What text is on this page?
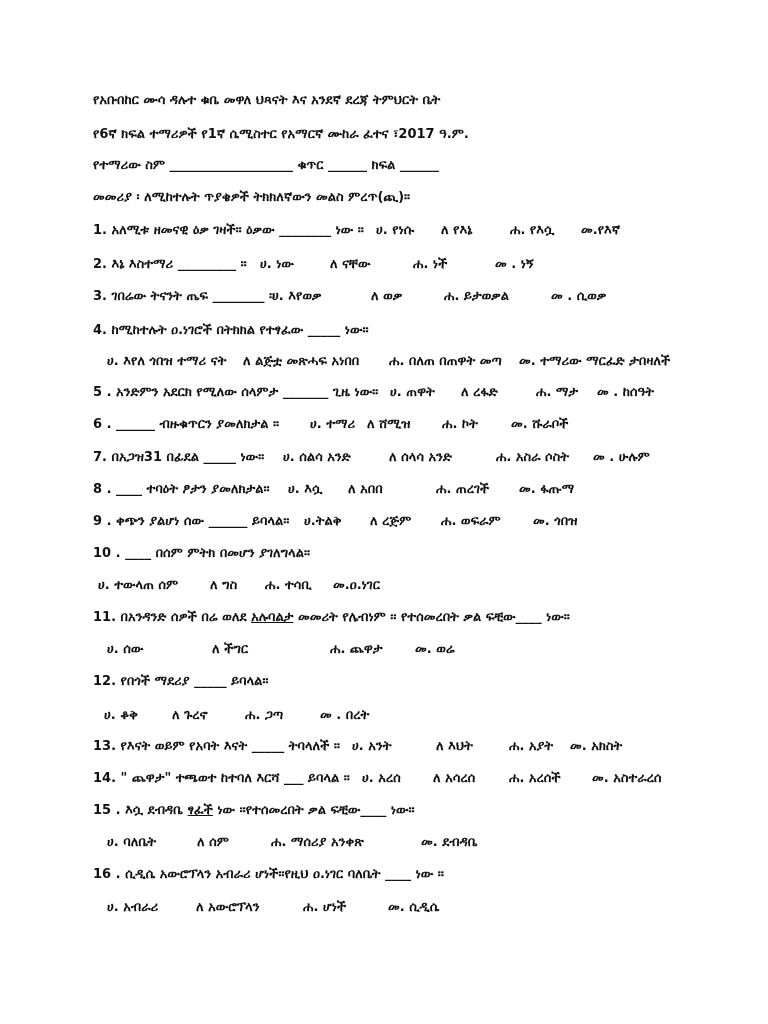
የአቡበከር ሙሳ ዳሉተ ቁቤ መዋለ ህጻናት እና አንደኛ ደረጃ ትምህርት ቤት
የ6ኛ ክፍል ተማሪዎች የ1ኛ ሴሚስተር የአማርኛ ሙከራ ፈተና ፣2017 ዓ.ም.
የተማሪው ስም ___________________ ቁጥር ______ ክፍል ______
መመሪያ ፡ ለሚከተሉት ጥያቄዎች ትክክለኛውን መልስ ምረጥ(ጪ)።
1. አለሚቱ ዘመናዊ ዕቃ ገዛች። ዕቃው ________ ነው ። ሀ. የነሱ ለ የእኔ	ሐ. የእሷ መ.የእኛ
2. እኔ እስተማሪ _________ ። ሀ. ነው	ለ ናቸው	ሐ. ነች	መ . ነኝ
3. ገበሬው ትናንት ጤፍ ________ ።
ሀ. እየወቃ	ለ ወቃ	ሐ. ይታወቃል	መ . ሲወቃ
4. ከሚከተሉት ዐ.ነገሮች በትክክል የተፃፈው _____ ነው።
ሀ. እየለ ጎበዝ ተማሪ ናት ለ ልጅቷ መጽሓፍ አነበበ ሐ. በለጠ በጠዋት መጣ መ. ተማሪው ማርፈድ ታበዛለች
5 . አንድምን አደርክ የሚለው ሰላምታ _______ ጊዜ ነው። ሀ. ጠዋት ለ ረፋድ	ሐ. ማታ መ . ከሰዓት
6 . ______ ብዙቁጥርን ያመለክታል ። ሀ. ተማሪ ለ ሸሚዝ ሐ. ኮት	መ. ሹራቦች
7. በአጋዝ31 በፊደል _____ ነው። ሀ. ሰልሳ አንድ	ለ ሰላሳ አንድ	ሐ. አስራ ሶስት መ . ሁሉም
8 . ____ ተባዕት ፆታን ያመለክታል። ሀ. እሷ ለ አበበ	ሐ. ጠረገች መ. ፋጡማ
9 . ቀጭን ያልሆነ ሰው ______ ይባላል። ሀ.ትልቅ ለ ረጅም ሐ. ወፍራም መ. ጎበዝ
10 . ____ በሰም ምትክ በመሆን ያገለግላል።
ሀ. ተውላጠ ሰም ለ ግስ ሐ. ተሳቢ መ.ዐ.ነገር
11. በአንዳንድ ሰዎች በሬ ወለደ አሉባልታ መመሪት የሌብነም ፡፡ የተሰመረበት ቃል ፍቺው____ ነው።
ሀ. ሰው	ለ ችግር	ሐ. ጨዋታ መ. ወሬ
12. የበጎች ማደሪያ _____ ይባላል።
ሀ. ቆቅ	ለ ጉረኖ	ሐ. ጋጣ	መ . በረት
13. የእናት ወይም የአባት እናት _____ ትባላለች ። ሀ. አንት	ለ እህት	ሐ. አያት መ. አክስት
14. " ጨዋታ" ተጫወተ ከተባለ እርሻ ___ ይባላል ። ሀ. አረሰ ለ አሳረሰ	ሐ. አረሰች መ. አስተራረሰ
15 . እሷ ደብዳቤ ፃፈች ነው ፡፡የተሰመረበት ቃል ፍቺው____ ነው።
ሀ. ባለቤት	ለ ሰም	ሐ. ማሰሪያ አንቀጽ	መ. ደብዳቤ
16 . ሲዲሴ አውሮፕላን አብራሪ ሆነች፡፡የዚህ ዐ.ነገር ባለቤት ____ ነው ፡፡
ሀ. አብራሪ	ለ አውሮፕላን	ሐ. ሆነች	መ. ሲዲሴ
